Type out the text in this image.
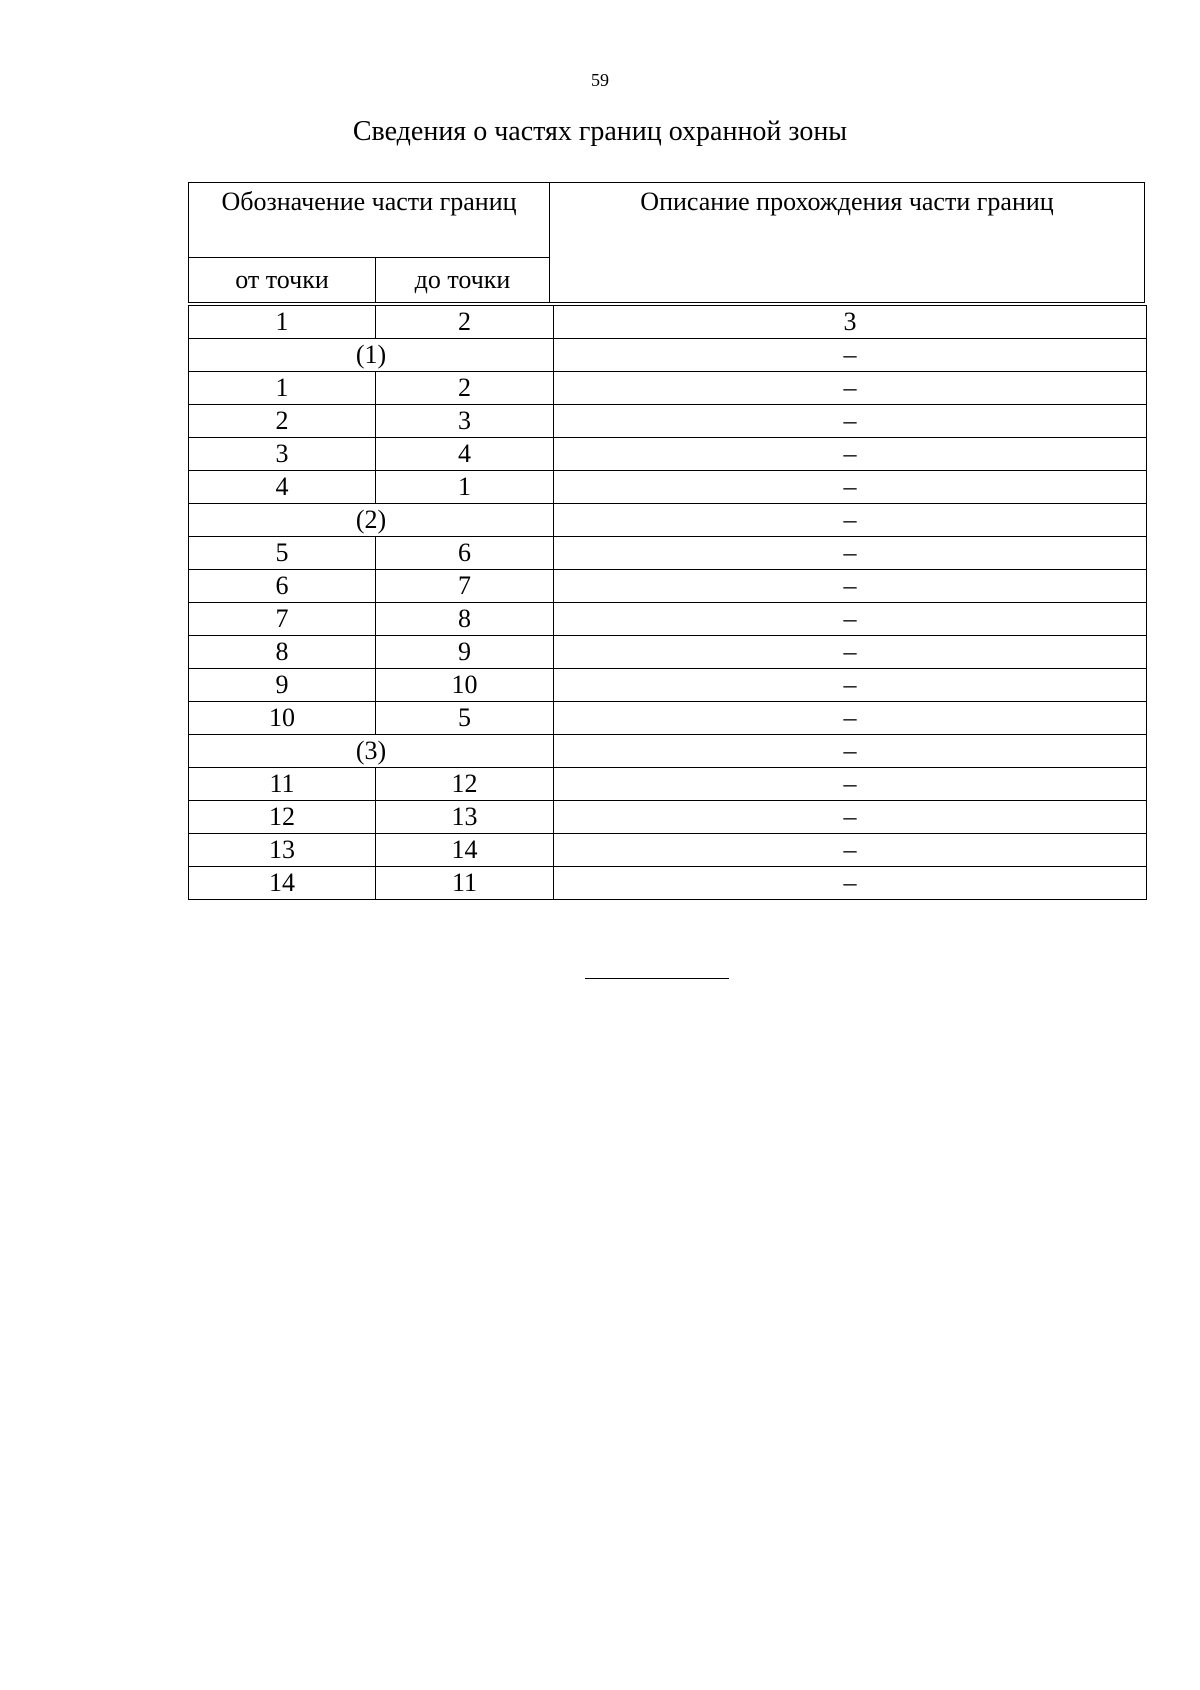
59
Сведения о частях границ охранной зоны
Обозначение части границ		Описание прохождения части границ
от точки	до точки	
1	2	3
(1)		–
1	2	–
2	3	–
3	4	–
4	1	–
(2)		–
5	6	–
6	7	–
7	8	–
8	9	–
9	10	–
10	5	–
(3)		–
11	12	–
12	13	–
13	14	–
14	11	–
